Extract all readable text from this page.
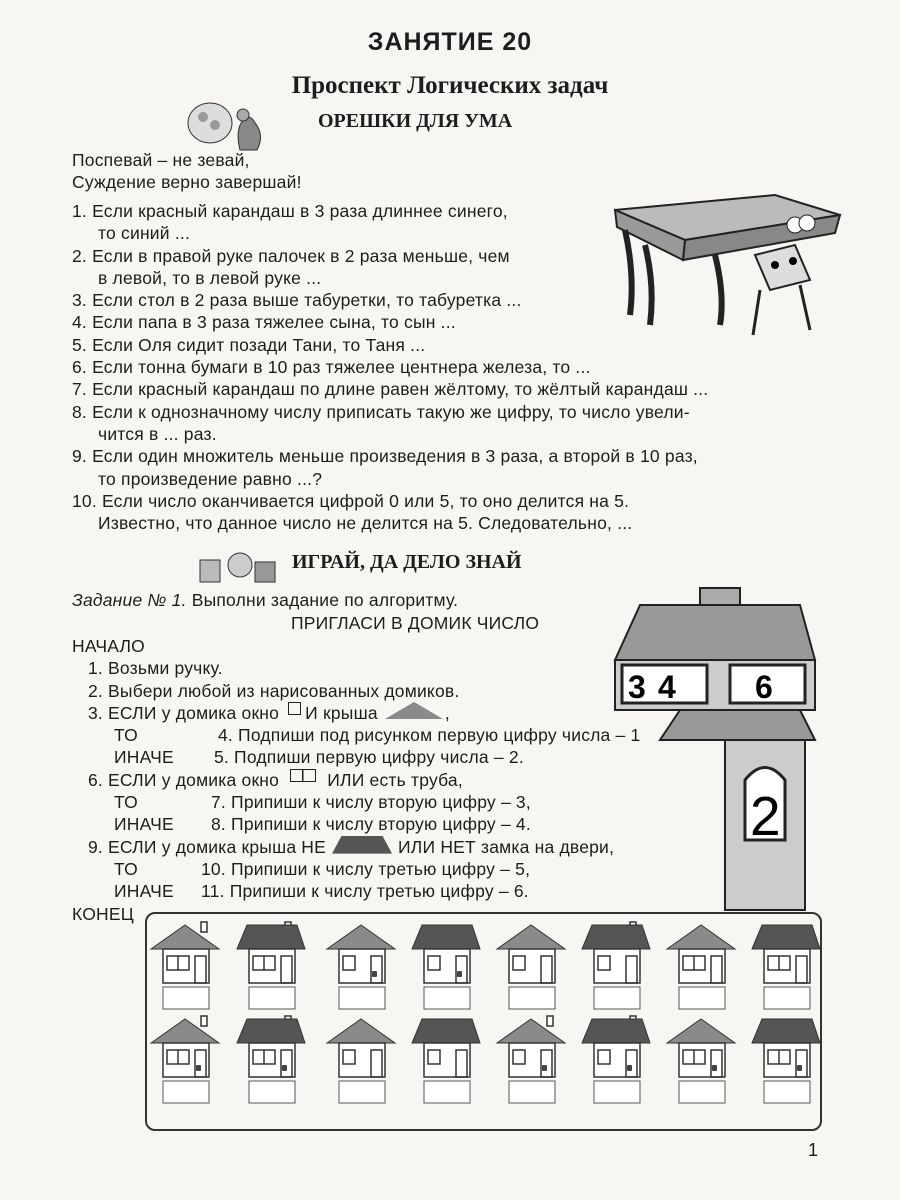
ЗАНЯТИЕ 20
Проспект Логических задач
ОРЕШКИ ДЛЯ УМА
Поспевай – не зевай,
Суждение верно завершай!
1. Если красный карандаш в 3 раза длиннее синего,
то синий ...
2. Если в правой руке палочек в 2 раза меньше, чем
в левой, то в левой руке ...
3. Если стол в 2 раза выше табуретки, то табуретка ...
4. Если папа в 3 раза тяжелее сына, то сын ...
5. Если Оля сидит позади Тани, то Таня ...
6. Если тонна бумаги в 10 раз тяжелее центнера железа, то ...
7. Если красный карандаш по длине равен жёлтому, то жёлтый карандаш ...
8. Если к однозначному числу приписать такую же цифру, то число увели-
чится в ... раз.
9. Если один множитель меньше произведения в 3 раза, а второй в 10 раз,
то произведение равно ...?
10. Если число оканчивается цифрой 0 или 5, то оно делится на 5.
Известно, что данное число не делится на 5. Следовательно, ...
ИГРАЙ, ДА ДЕЛО ЗНАЙ
Задание № 1. Выполни задание по алгоритму.
ПРИГЛАСИ В ДОМИК ЧИСЛО
НАЧАЛО
1. Возьми ручку.
2. Выбери любой из нарисованных домиков.
3. ЕСЛИ у домика окно
И крыша
	,
ТО	4. Подпиши под рисунком первую цифру числа – 1
ИНАЧЕ	5. Подпиши первую цифру числа – 2.
6. ЕСЛИ у домика окно

	ИЛИ есть труба,
ТО	7. Припиши к числу вторую цифру – 3,
ИНАЧЕ	8. Припиши к числу вторую цифру – 4.
9. ЕСЛИ у домика крыша НЕ	ИЛИ НЕТ замка на двери,
ТО	10. Припиши к числу третью цифру – 5,
ИНАЧЕ	11. Припиши к числу третью цифру – 6.
КОНЕЦ
3 4 6
2
1
